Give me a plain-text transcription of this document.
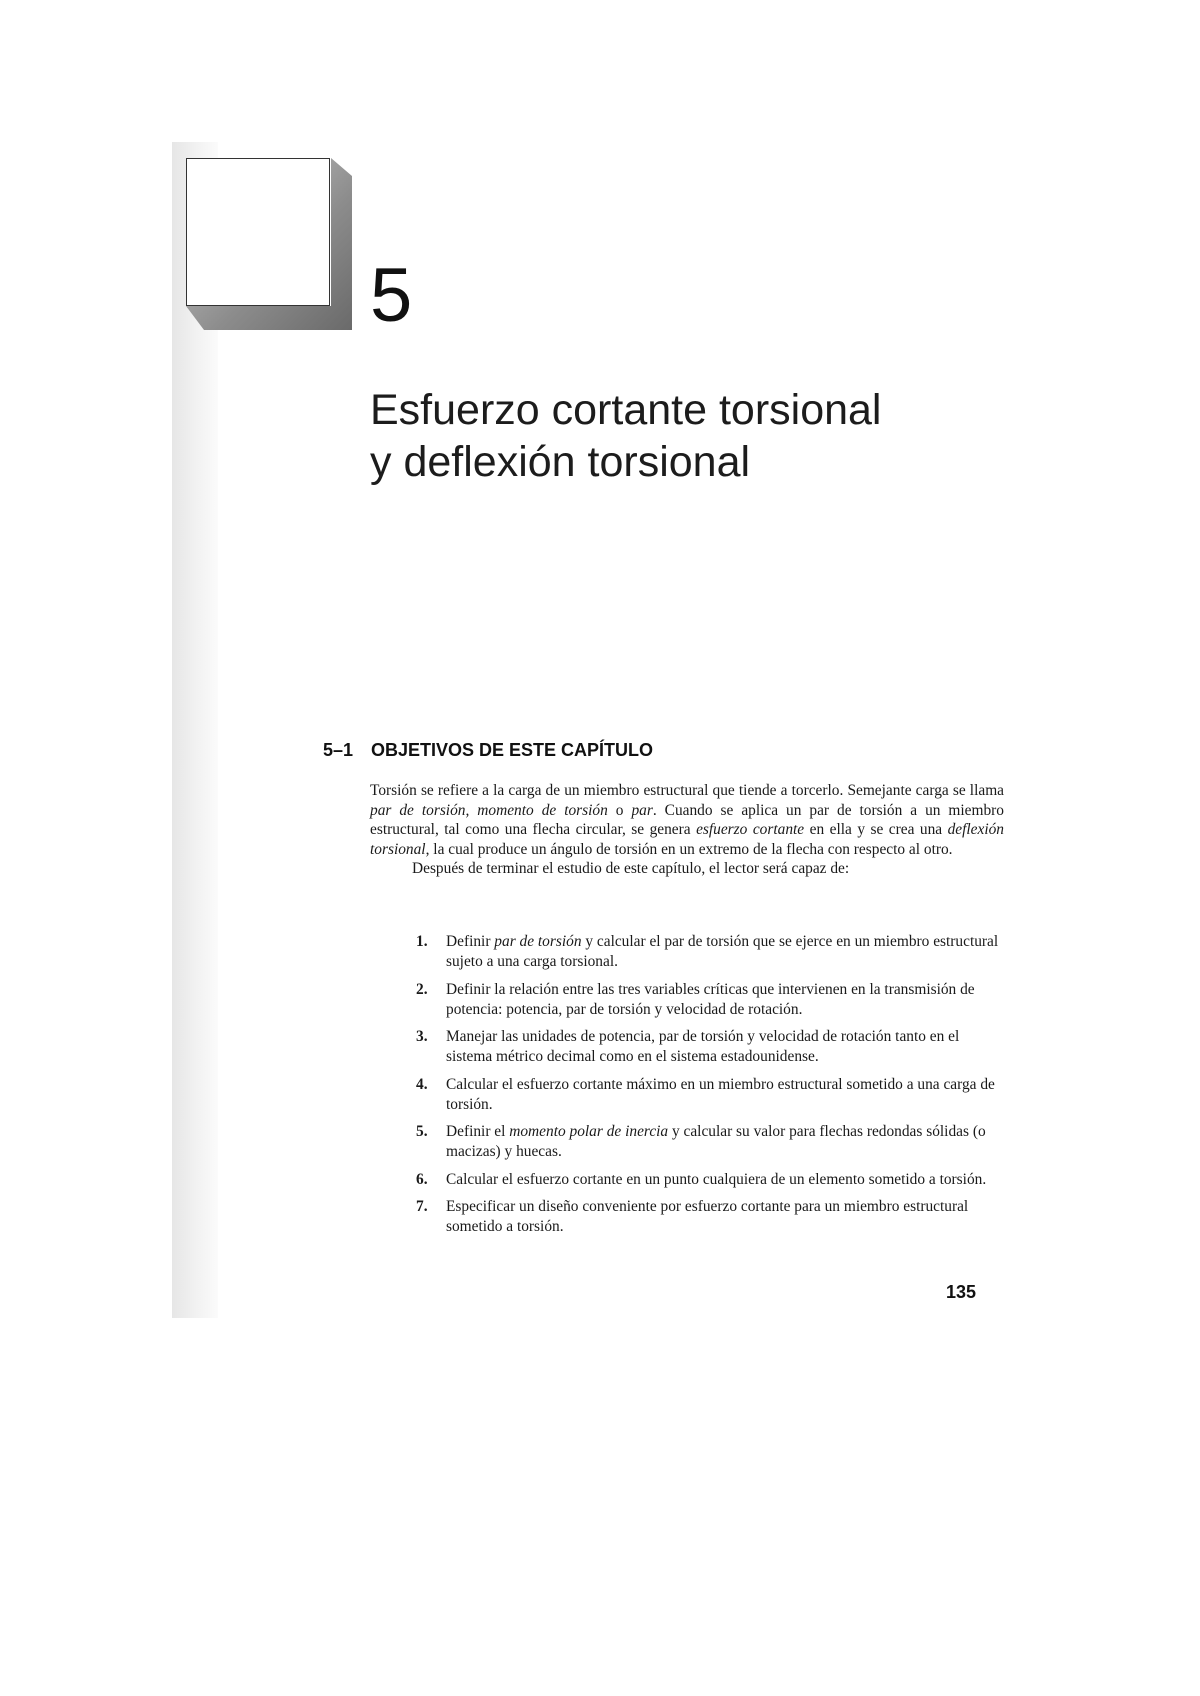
5
Esfuerzo cortante torsional
y deflexión torsional
5–1 OBJETIVOS DE ESTE CAPÍTULO

Torsión se refiere a la carga de un miembro estructural que tiende a torcerlo. Semejante carga se llama par de torsión, momento de torsión o par. Cuando se aplica un par de torsión a un miembro estructural, tal como una flecha circular, se genera esfuerzo cortante en ella y se crea una deflexión torsional, la cual produce un ángulo de torsión en un extremo de la flecha con respecto al otro.

Después de terminar el estudio de este capítulo, el lector será capaz de:

1. Definir par de torsión y calcular el par de torsión que se ejerce en un miembro estructural sujeto a una carga torsional.
2. Definir la relación entre las tres variables críticas que intervienen en la transmisión de potencia: potencia, par de torsión y velocidad de rotación.
3. Manejar las unidades de potencia, par de torsión y velocidad de rotación tanto en el sistema métrico decimal como en el sistema estadounidense.
4. Calcular el esfuerzo cortante máximo en un miembro estructural sometido a una carga de torsión.
5. Definir el momento polar de inercia y calcular su valor para flechas redondas sólidas (o macizas) y huecas.
6. Calcular el esfuerzo cortante en un punto cualquiera de un elemento sometido a torsión.
7. Especificar un diseño conveniente por esfuerzo cortante para un miembro estructural sometido a torsión.
135
